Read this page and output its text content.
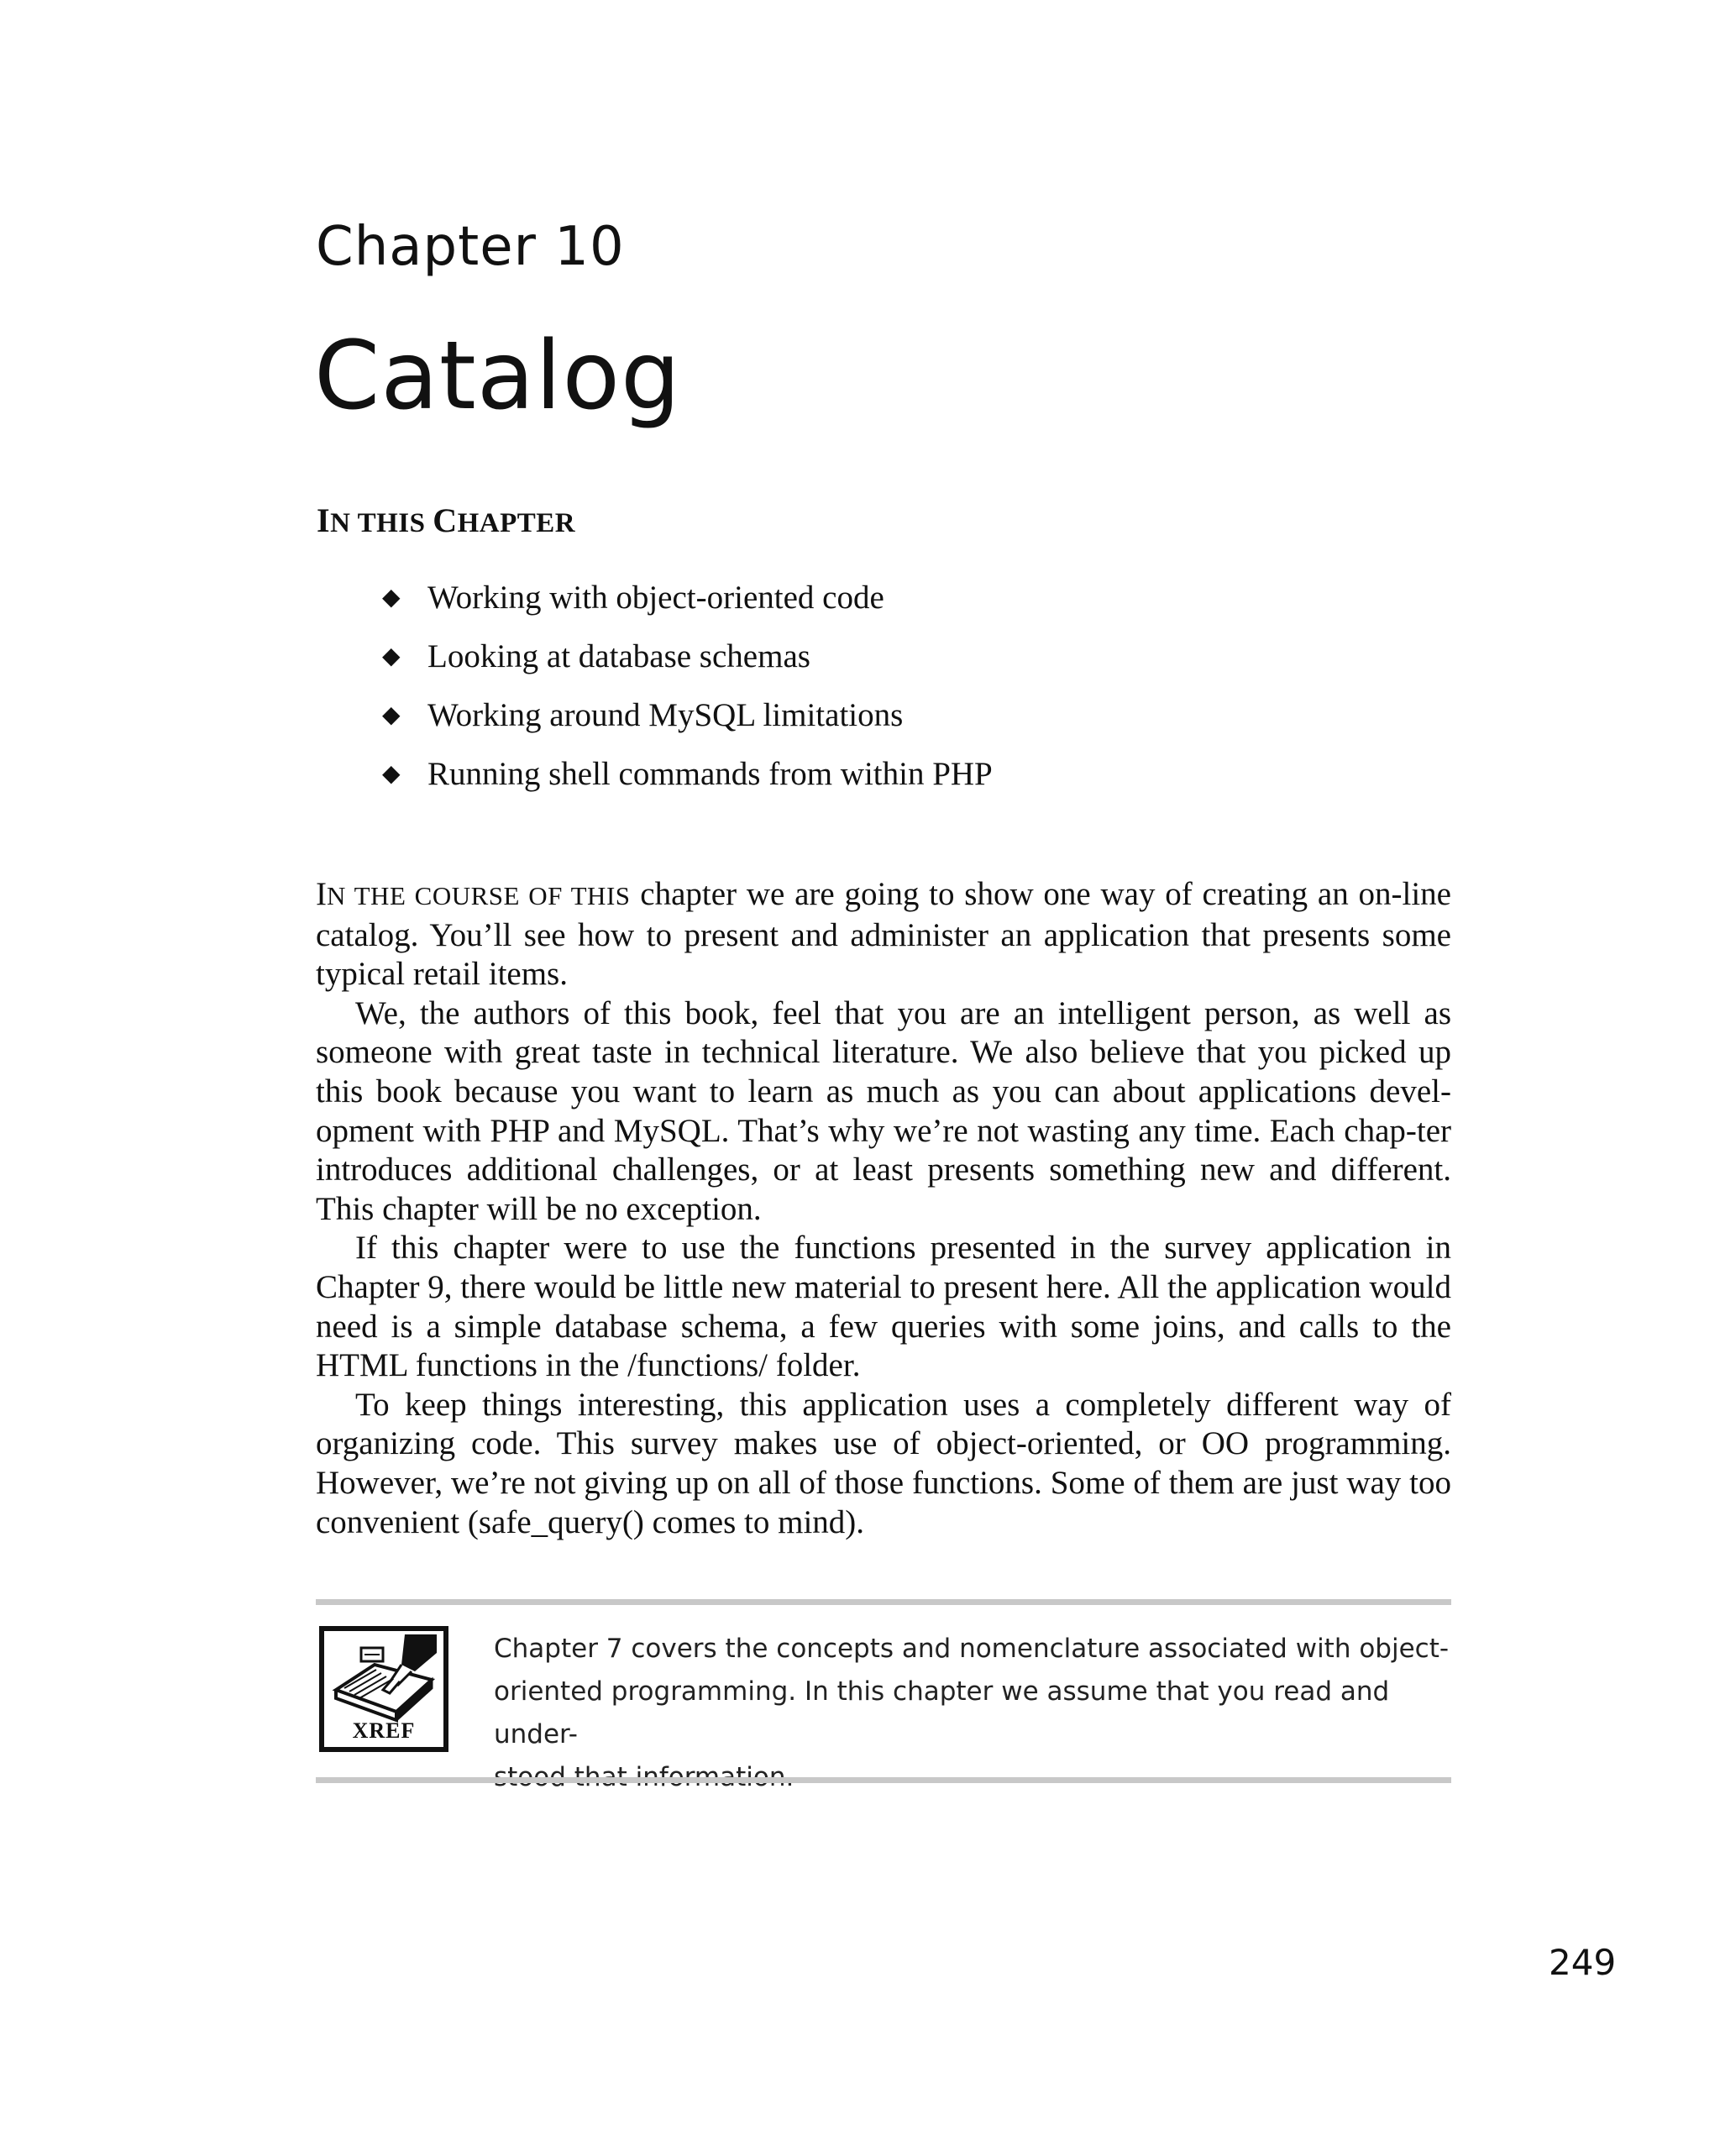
Chapter 10
Catalog
IN THIS CHAPTER
◆ Working with object-oriented code
◆ Looking at database schemas
◆ Working around MySQL limitations
◆ Running shell commands from within PHP

IN THE COURSE OF THIS chapter we are going to show one way of creating an on-line catalog. You’ll see how to present and administer an application that presents some typical retail items.

We, the authors of this book, feel that you are an intelligent person, as well as someone with great taste in technical literature. We also believe that you picked up this book because you want to learn as much as you can about applications devel-opment with PHP and MySQL. That’s why we’re not wasting any time. Each chap-ter introduces additional challenges, or at least presents something new and different. This chapter will be no exception.

If this chapter were to use the functions presented in the survey application in Chapter 9, there would be little new material to present here. All the application would need is a simple database schema, a few queries with some joins, and calls to the HTML functions in the /functions/ folder.

To keep things interesting, this application uses a completely different way of organizing code. This survey makes use of object-oriented, or OO programming. However, we’re not giving up on all of those functions. Some of them are just way too convenient (safe_query() comes to mind).

XREF
Chapter 7 covers the concepts and nomenclature associated with object-
oriented programming. In this chapter we assume that you read and under-
249
